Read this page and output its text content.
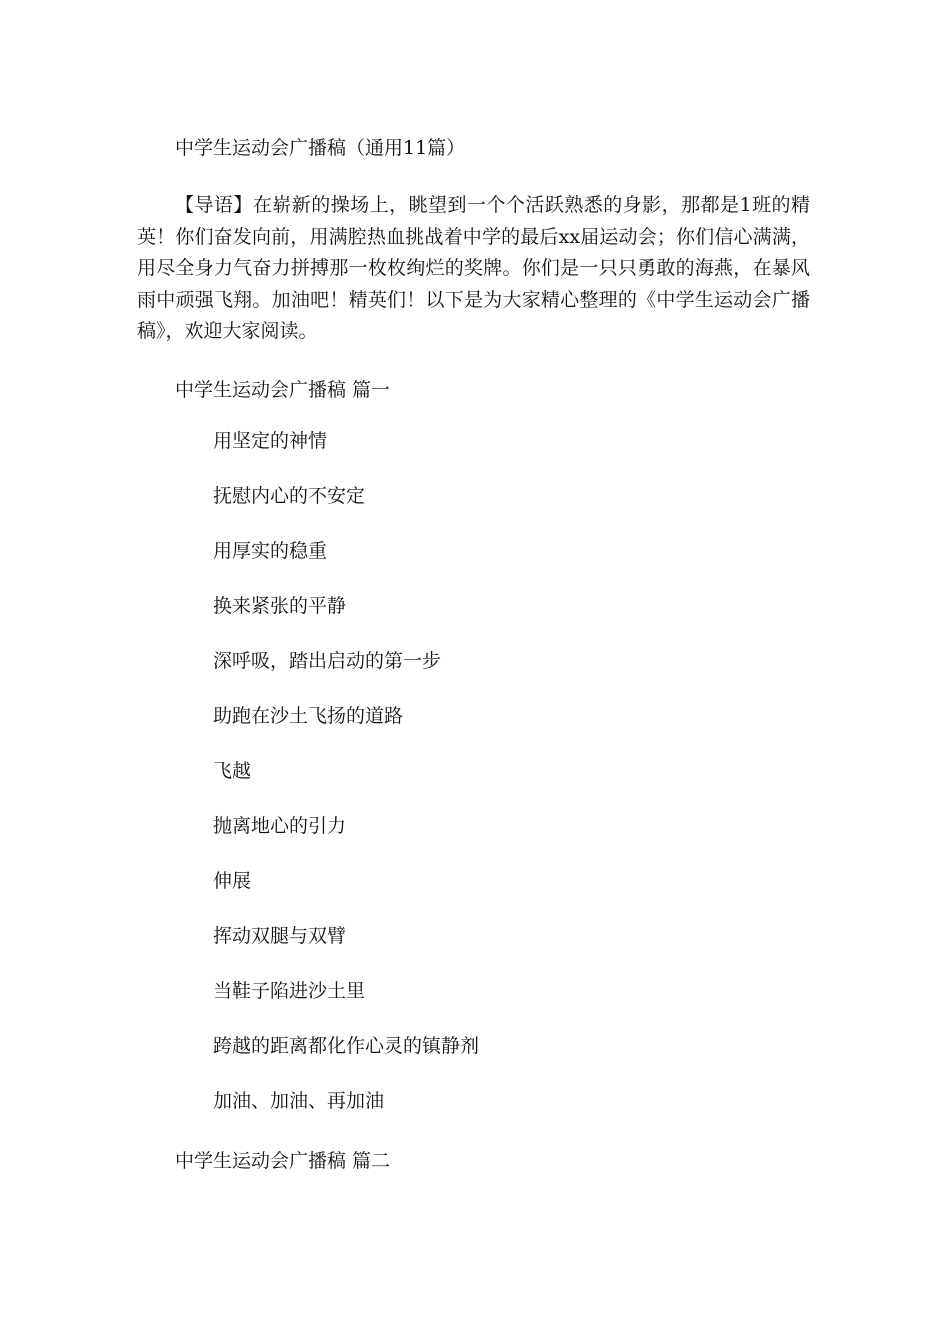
中学生运动会广播稿（通用11篇）
【导语】在崭新的操场上，眺望到一个个活跃熟悉的身影，那都是1班的精英！你们奋发向前，用满腔热血挑战着中学的最后xx届运动会；你们信心满满，用尽全身力气奋力拼搏那一枚枚绚烂的奖牌。你们是一只只勇敢的海燕，在暴风雨中顽强飞翔。加油吧！精英们！以下是为大家精心整理的《中学生运动会广播稿》，欢迎大家阅读。
中学生运动会广播稿 篇一
用坚定的神情
抚慰内心的不安定
用厚实的稳重
换来紧张的平静
深呼吸，踏出启动的第一步
助跑在沙土飞扬的道路
飞越
抛离地心的引力
伸展
挥动双腿与双臂
当鞋子陷进沙土里
跨越的距离都化作心灵的镇静剂
加油、加油、再加油
中学生运动会广播稿 篇二
